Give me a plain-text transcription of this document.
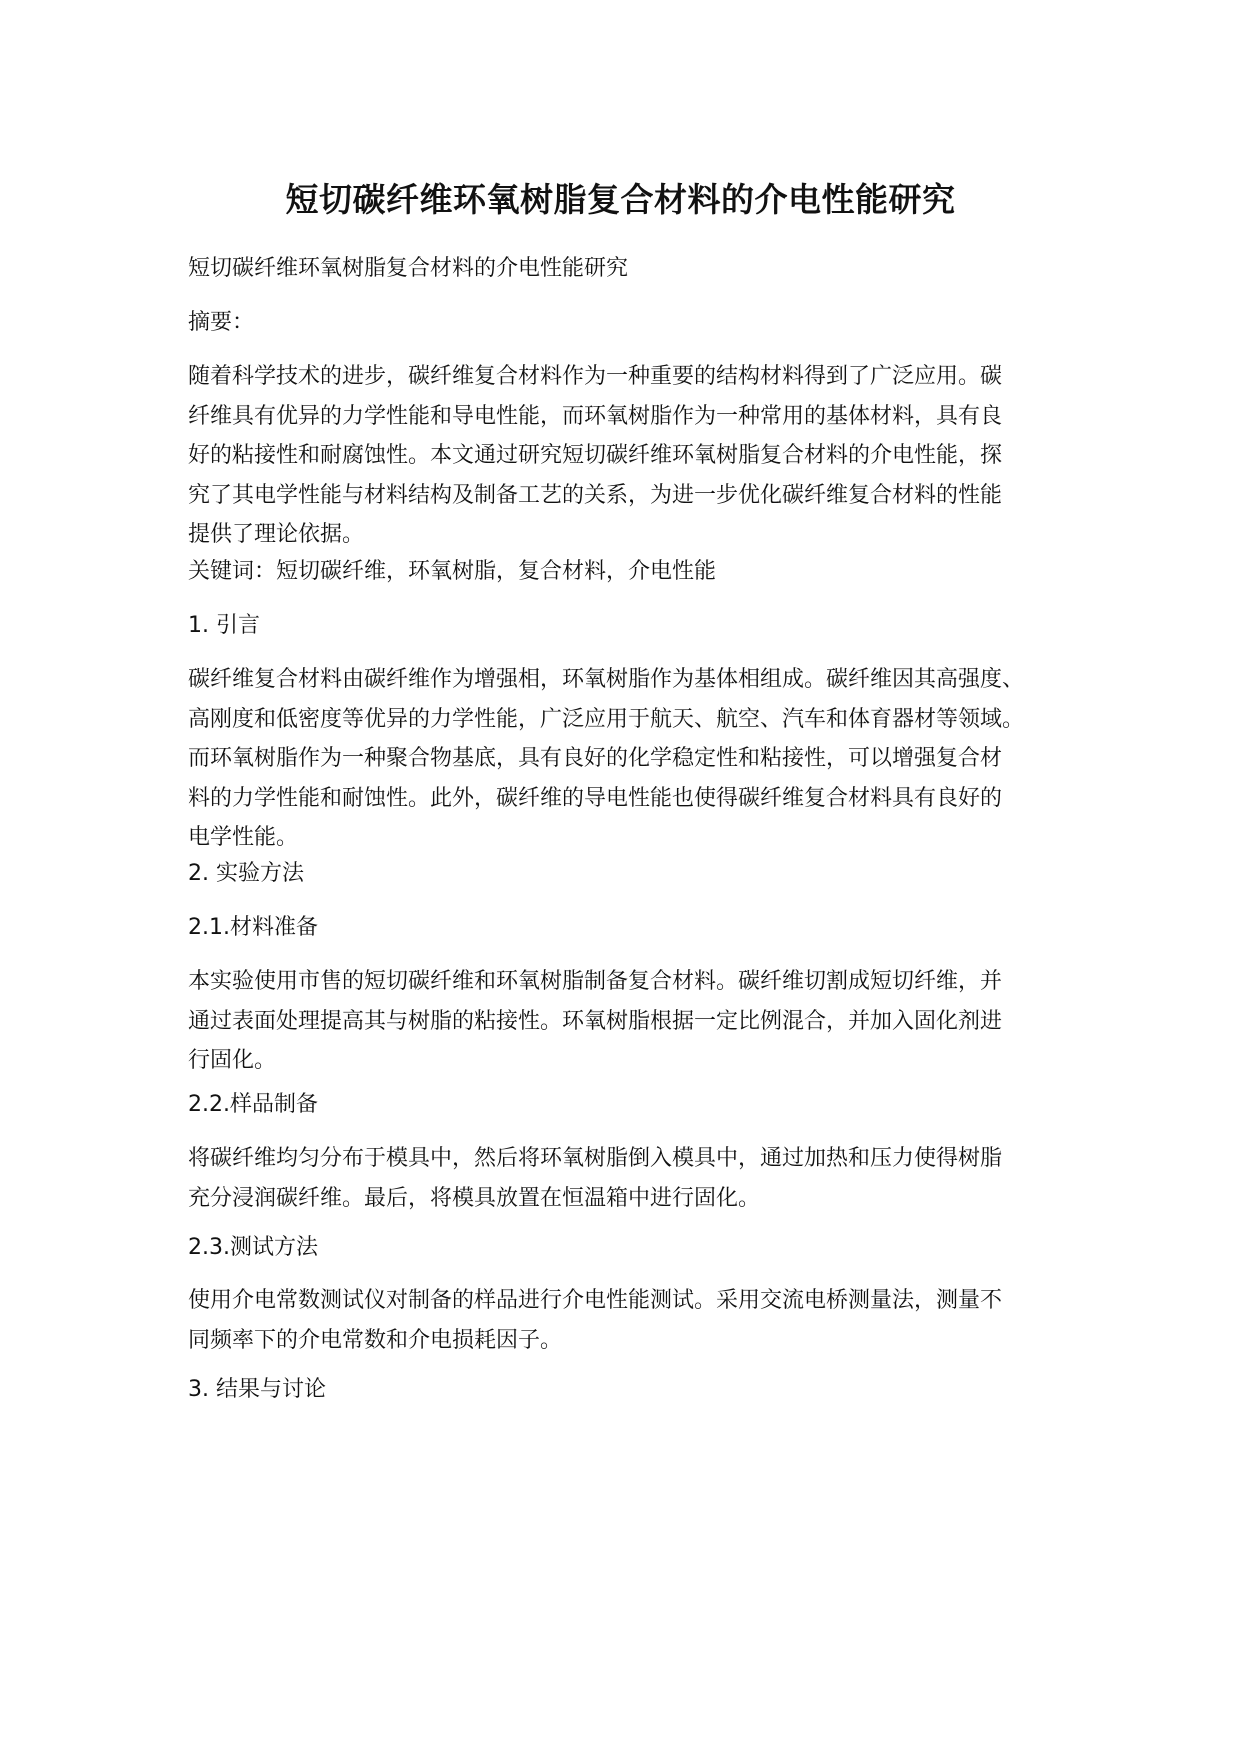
短切碳纤维环氧树脂复合材料的介电性能研究
短切碳纤维环氧树脂复合材料的介电性能研究
摘要：
随着科学技术的进步，碳纤维复合材料作为一种重要的结构材料得到了广泛应用。碳
纤维具有优异的力学性能和导电性能，而环氧树脂作为一种常用的基体材料，具有良
好的粘接性和耐腐蚀性。本文通过研究短切碳纤维环氧树脂复合材料的介电性能，探
究了其电学性能与材料结构及制备工艺的关系，为进一步优化碳纤维复合材料的性能
提供了理论依据。
关键词：短切碳纤维，环氧树脂，复合材料，介电性能
1. 引言
碳纤维复合材料由碳纤维作为增强相，环氧树脂作为基体相组成。碳纤维因其高强度、
高刚度和低密度等优异的力学性能，广泛应用于航天、航空、汽车和体育器材等领域。
而环氧树脂作为一种聚合物基底，具有良好的化学稳定性和粘接性，可以增强复合材
料的力学性能和耐蚀性。此外，碳纤维的导电性能也使得碳纤维复合材料具有良好的
电学性能。
2. 实验方法
2.1.材料准备
本实验使用市售的短切碳纤维和环氧树脂制备复合材料。碳纤维切割成短切纤维，并
通过表面处理提高其与树脂的粘接性。环氧树脂根据一定比例混合，并加入固化剂进
行固化。
2.2.样品制备
将碳纤维均匀分布于模具中，然后将环氧树脂倒入模具中，通过加热和压力使得树脂
充分浸润碳纤维。最后，将模具放置在恒温箱中进行固化。
2.3.测试方法
使用介电常数测试仪对制备的样品进行介电性能测试。采用交流电桥测量法，测量不
同频率下的介电常数和介电损耗因子。
3. 结果与讨论
